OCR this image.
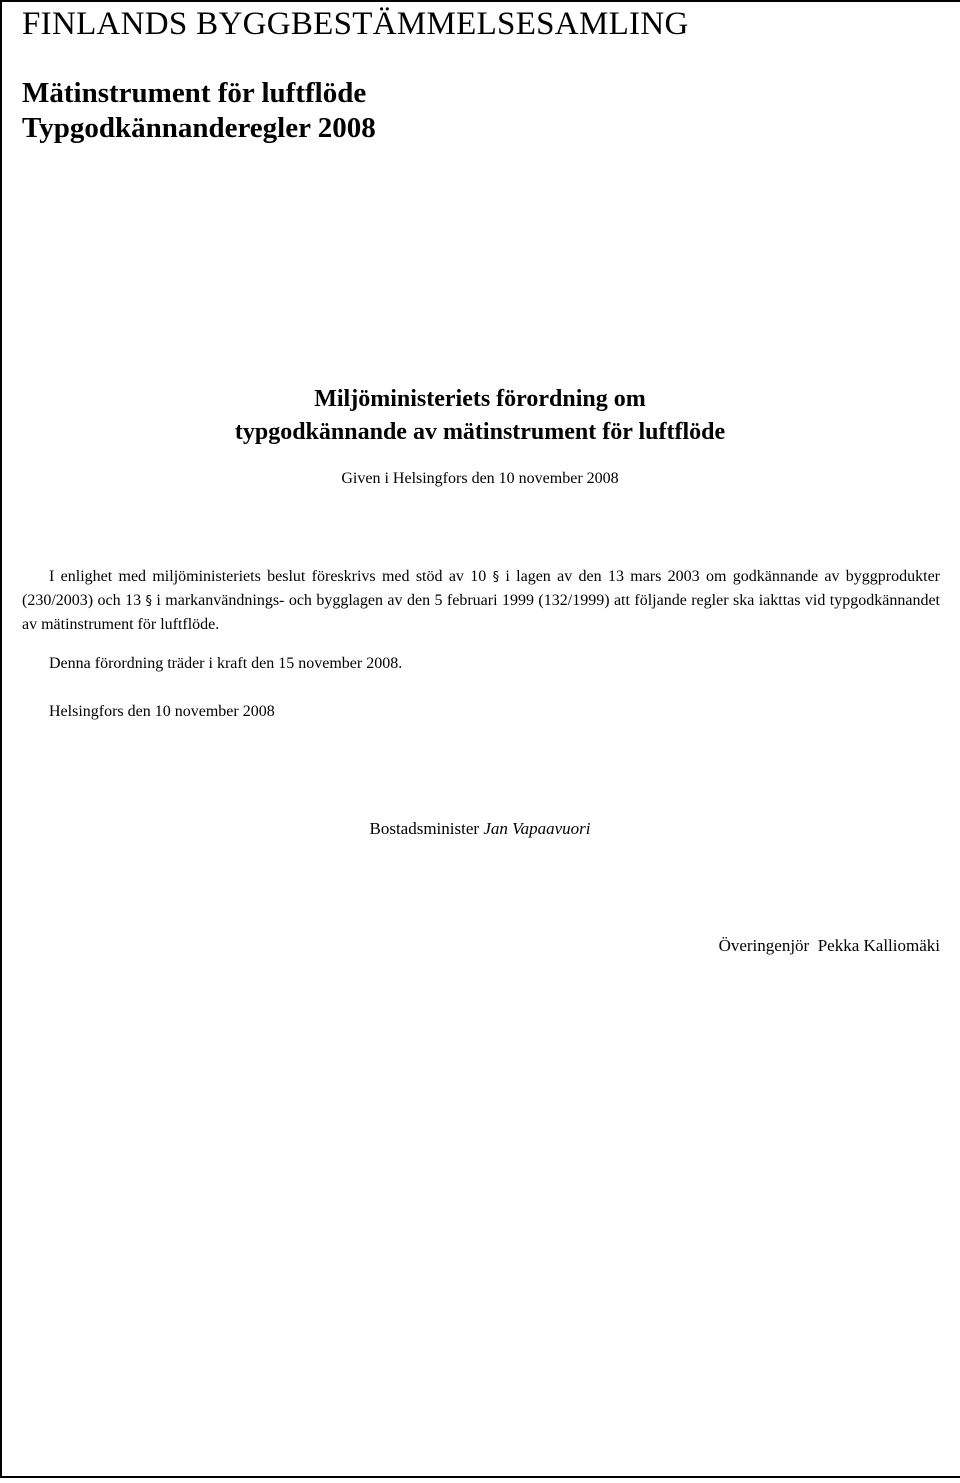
FINLANDS BYGGBESTÄMMELSESAMLING
Mätinstrument för luftflöde
Typgodkännanderegler 2008
Miljöministeriets förordning om
typgodkännande av mätinstrument för luftflöde
Given i Helsingfors den 10 november 2008
I enlighet med miljöministeriets beslut föreskrivs med stöd av 10 § i lagen av den 13 mars 2003 om godkännande av byggprodukter (230/2003) och 13 § i markanvändnings- och bygglagen av den 5 februari 1999 (132/1999) att följande regler ska iakttas vid typgodkännandet av mätinstrument för luftflöde.
Denna förordning träder i kraft den 15 november 2008.
Helsingfors den 10 november 2008
Bostadsminister Jan Vapaavuori
Överingenjör Pekka Kalliomäki
